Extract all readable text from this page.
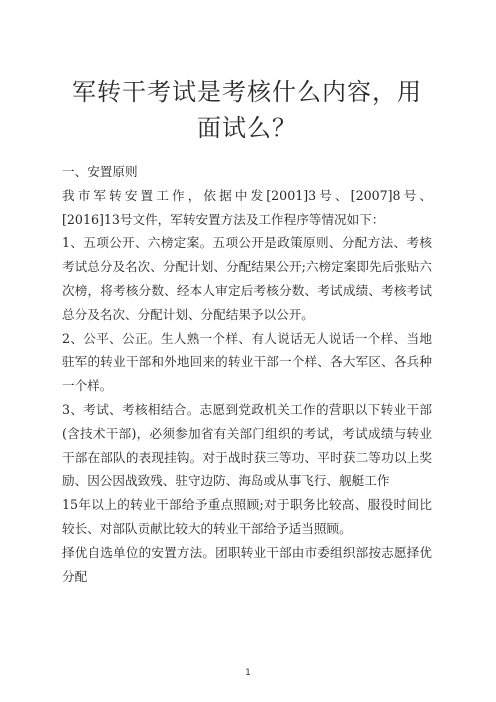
军转干考试是考核什么内容，用面试么？

一、安置原则

我市军转安置工作，依据中发[2001]3号、[2007]8号、[2016]13号文件，军转安置方法及工作程序等情况如下：

1、五项公开、六榜定案。五项公开是政策原则、分配方法、考核考试总分及名次、分配计划、分配结果公开;六榜定案即先后张贴六次榜，将考核分数、经本人审定后考核分数、考试成绩、考核考试总分及名次、分配计划、分配结果予以公开。

2、公平、公正。生人熟一个样、有人说话无人说话一个样、当地驻军的转业干部和外地回来的转业干部一个样、各大军区、各兵种一个样。

3、考试、考核相结合。志愿到党政机关工作的营职以下转业干部(含技术干部)，必须参加省有关部门组织的考试，考试成绩与转业干部在部队的表现挂钩。对于战时获三等功、平时获二等功以上奖励、因公因战致残、驻守边防、海岛或从事飞行、舰艇工作

15年以上的转业干部给予重点照顾;对于职务比较高、服役时间比较长、对部队贡献比较大的转业干部给予适当照顾。

择优自选单位的安置方法。团职转业干部由市委组织部按志愿择优分配

1
